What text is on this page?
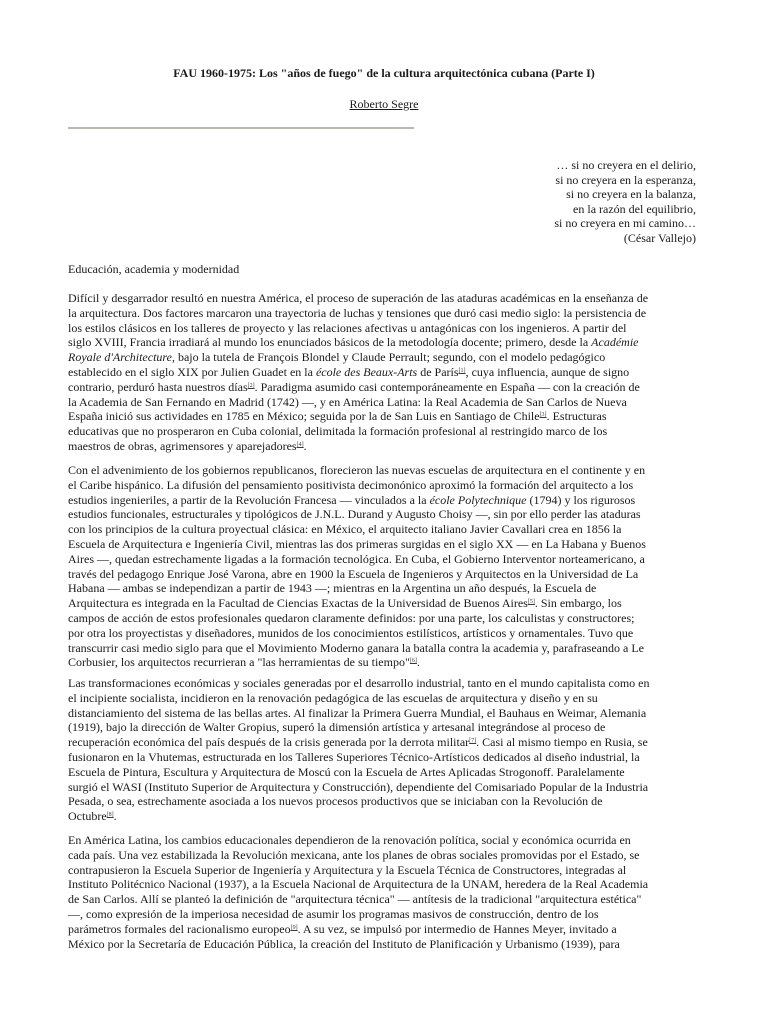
FAU 1960-1975: Los "años de fuego" de la cultura arquitectónica cubana (Parte I)
Roberto Segre
… si no creyera en el delirio,
si no creyera en la esperanza,
si no creyera en la balanza,
en la razón del equilibrio,
si no creyera en mi camino…
(César Vallejo)
Educación, academia y modernidad
Difícil y desgarrador resultó en nuestra América, el proceso de superación de las ataduras académicas en la enseñanza de
la arquitectura. Dos factores marcaron una trayectoria de luchas y tensiones que duró casi medio siglo: la persistencia de
los estilos clásicos en los talleres de proyecto y las relaciones afectivas u antagónicas con los ingenieros. A partir del
siglo XVIII, Francia irradiará al mundo los enunciados básicos de la metodología docente; primero, desde la Académie
Royale d'Architecture, bajo la tutela de François Blondel y Claude Perrault; segundo, con el modelo pedagógico
establecido en el siglo XIX por Julien Guadet en la école des Beaux-Arts de París[1], cuya influencia, aunque de signo
contrario, perduró hasta nuestros días[2]. Paradigma asumido casi contemporáneamente en España — con la creación de
la Academia de San Fernando en Madrid (1742) —, y en América Latina: la Real Academia de San Carlos de Nueva
España inició sus actividades en 1785 en México; seguida por la de San Luis en Santiago de Chile[3]. Estructuras
educativas que no prosperaron en Cuba colonial, delimitada la formación profesional al restringido marco de los
maestros de obras, agrimensores y aparejadores[4].
Con el advenimiento de los gobiernos republicanos, florecieron las nuevas escuelas de arquitectura en el continente y en
el Caribe hispánico. La difusión del pensamiento positivista decimonónico aproximó la formación del arquitecto a los
estudios ingenieriles, a partir de la Revolución Francesa — vinculados a la école Polytechnique (1794) y los rigurosos
estudios funcionales, estructurales y tipológicos de J.N.L. Durand y Augusto Choisy —, sin por ello perder las ataduras
con los principios de la cultura proyectual clásica: en México, el arquitecto italiano Javier Cavallari crea en 1856 la
Escuela de Arquitectura e Ingeniería Civil, mientras las dos primeras surgidas en el siglo XX — en La Habana y Buenos
Aires —, quedan estrechamente ligadas a la formación tecnológica. En Cuba, el Gobierno Interventor norteamericano, a
través del pedagogo Enrique José Varona, abre en 1900 la Escuela de Ingenieros y Arquitectos en la Universidad de La
Habana — ambas se independizan a partir de 1943 —; mientras en la Argentina un año después, la Escuela de
Arquitectura es integrada en la Facultad de Ciencias Exactas de la Universidad de Buenos Aires[5]. Sin embargo, los
campos de acción de estos profesionales quedaron claramente definidos: por una parte, los calculistas y constructores;
por otra los proyectistas y diseñadores, munidos de los conocimientos estilísticos, artísticos y ornamentales. Tuvo que
transcurrir casi medio siglo para que el Movimiento Moderno ganara la batalla contra la academia y, parafraseando a Le
Corbusier, los arquitectos recurrieran a "las herramientas de su tiempo"[6].
Las transformaciones económicas y sociales generadas por el desarrollo industrial, tanto en el mundo capitalista como en
el incipiente socialista, incidieron en la renovación pedagógica de las escuelas de arquitectura y diseño y en su
distanciamiento del sistema de las bellas artes. Al finalizar la Primera Guerra Mundial, el Bauhaus en Weimar, Alemania
(1919), bajo la dirección de Walter Gropius, superó la dimensión artística y artesanal integrándose al proceso de
recuperación económica del país después de la crisis generada por la derrota militar[7]. Casi al mismo tiempo en Rusia, se
fusionaron en la Vhutemas, estructurada en los Talleres Superiores Técnico-Artísticos dedicados al diseño industrial, la
Escuela de Pintura, Escultura y Arquitectura de Moscú con la Escuela de Artes Aplicadas Strogonoff. Paralelamente
surgió el WASI (Instituto Superior de Arquitectura y Construcción), dependiente del Comisariado Popular de la Industria
Pesada, o sea, estrechamente asociada a los nuevos procesos productivos que se iniciaban con la Revolución de
Octubre[8].
En América Latina, los cambios educacionales dependieron de la renovación política, social y económica ocurrida en
cada país. Una vez estabilizada la Revolución mexicana, ante los planes de obras sociales promovidas por el Estado, se
contrapusieron la Escuela Superior de Ingeniería y Arquitectura y la Escuela Técnica de Constructores, integradas al
Instituto Politécnico Nacional (1937), a la Escuela Nacional de Arquitectura de la UNAM, heredera de la Real Academia
de San Carlos. Allí se planteó la definición de "arquitectura técnica" — antítesis de la tradicional "arquitectura estética"
—, como expresión de la imperiosa necesidad de asumir los programas masivos de construcción, dentro de los
parámetros formales del racionalismo europeo[9]. A su vez, se impulsó por intermedio de Hannes Meyer, invitado a
México por la Secretaría de Educación Pública, la creación del Instituto de Planificación y Urbanismo (1939), para
